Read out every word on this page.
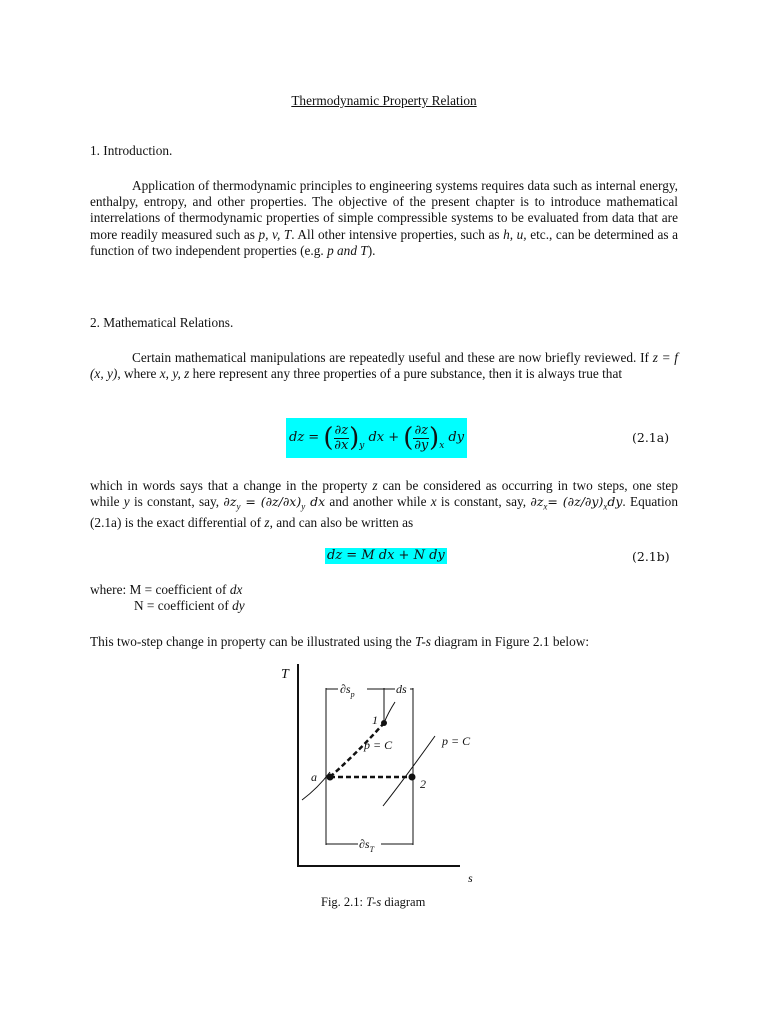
Thermodynamic Property Relation
1. Introduction.
Application of thermodynamic principles to engineering systems requires data such as internal energy, enthalpy, entropy, and other properties. The objective of the present chapter is to introduce mathematical interrelations of thermodynamic properties of simple compressible systems to be evaluated from data that are more readily measured such as p, v, T. All other intensive properties, such as h, u, etc., can be determined as a function of two independent properties (e.g. p and T).
2. Mathematical Relations.
Certain mathematical manipulations are repeatedly useful and these are now briefly reviewed. If z = f (x, y), where x, y, z here represent any three properties of a pure substance, then it is always true that
dz =
( $\frac{\partial z}{\partial x}$ ) y

dx +
( $\frac{\partial z}{\partial y}$ ) x

dy	(2.1a)
which in words says that a change in the property z can be considered as occurring in two steps, one step while y is constant, say, $\partial z_y = (\partial z/\partial x)_y$ dx and another while x is constant, say, $\partial z_x= (\partial z/\partial y)_xdy$. Equation (2.1a) is the exact differential of z, and can also be written as
dz = M dx + N dy	(2.1b)
where: M = coefficient of dx
N = coefficient of dy
This two-step change in property can be illustrated using the T-s diagram in Figure 2.1 below:
T
s
$\partial s_p$	ds
$\partial s_T$
1
a	2
p = C	p = C
Fig. 2.1: T-s diagram
